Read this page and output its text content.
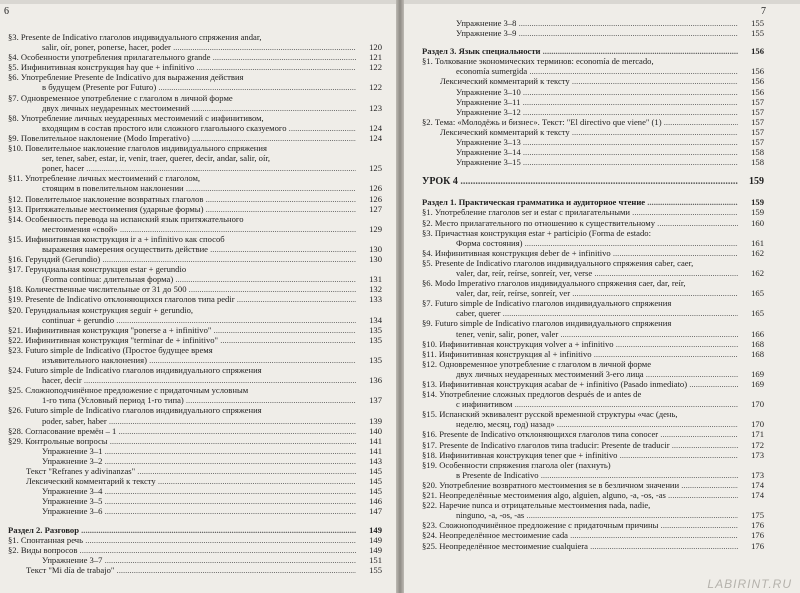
6
§3. Presente de Indicativo глаголов индивидуального спряжения andar,
salir, oír, poner, ponerse, hacer, poder .....	120
§4. Особенности употребления прилагательного grande .....	121
§5. Инфинитивная конструкция hay que + infinitivo .....	122
§6. Употребление Presente de Indicativo для выражения действия
в будущем (Presente por Futuro) .....	122
§7. Одновременное употребление с глаголом в личной форме
двух личных неударенных местоимений .....	123
§8. Употребление личных неударенных местоимений с инфинитивом,
входящим в состав простого или сложного глагольного сказуемого .....	124
§9. Повелительное наклонение (Modo Imperativo) .....	124
§10. Повелительное наклонение глаголов индивидуального спряжения
ser, tener, saber, estar, ir, venir, traer, querer, decir, andar, salir, oír,
poner, hacer .....	125
§11. Употребление личных местоимений с глаголом,
стоящим в повелительном наклонении .....	126
§12. Повелительное наклонение возвратных глаголов .....	126
§13. Притяжательные местоимения (ударные формы) .....	127
§14. Особенность перевода на испанский язык притяжательного
местоимения «свой» .....	129
§15. Инфинитивная конструкция ir a + infinitivo как способ
выражения намерения осуществить действие .....	130
§16. Герундий (Gerundio) .....	130
§17. Герундиальная конструкция estar + gerundio
(Forma continua: длительная форма) .....	131
§18. Количественные числительные от 31 до 500 .....	132
§19. Presente de Indicativo отклоняющихся глаголов типа pedir .....	133
§20. Герундиальная конструкция seguir + gerundio,
continuar + gerundio .....	134
§21. Инфинитивная конструкция "ponerse a + infinitivo" .....	135
§22. Инфинитивная конструкция "terminar de + infinitivo" .....	135
§23. Futuro simple de Indicativo (Простое будущее время
изъявительного наклонения) .....	135
§24. Futuro simple de Indicativo глаголов индивидуального спряжения
hacer, decir .....	136
§25. Сложноподчинённое предложение с придаточным условным
1-го типа (Условный период 1-го типа) .....	137
§26. Futuro simple de Indicativo глаголов индивидуального спряжения
poder, saber, haber .....	139
§28. Согласование времён – 1 .....	140
§29. Контрольные вопросы .....	141
Упражнение 3–1 .....	141
Упражнение 3–2 .....	143
Текст "Refranes y adivinanzas" .....	145
Лексический комментарий к тексту .....	145
Упражнение 3–4 .....	145
Упражнение 3–5 .....	146
Упражнение 3–6 .....	147
Раздел 2. Разговор .....	149
§1. Спонтанная речь .....	149
§2. Виды вопросов .....	149
Упражнение 3–7 .....	151
Текст "Mi día de trabajo" .....	155
7
Упражнение 3–8 .....	155
Упражнение 3–9 .....	155
Раздел 3. Язык специальности .....	156
§1. Толкование экономических терминов: economía de mercado,
economía sumergida .....	156
Лексический комментарий к тексту .....	156
Упражнение 3–10 .....	156
Упражнение 3–11 .....	157
Упражнение 3–12 .....	157
§2. Тема: «Молодёжь и бизнес». Текст: "El directivo que viene" (1) .....	157
Лексический комментарий к тексту .....	157
Упражнение 3–13 .....	157
Упражнение 3–14 .....	158
Упражнение 3–15 .....	158
УРОК 4 .....	159
Раздел 1. Практическая грамматика и аудиторное чтение .....	159
§1. Употребление глаголов ser и estar с прилагательными .....	159
§2. Место прилагательного по отношению к существительному .....	160
§3. Причастная конструкция estar + participio (Forma de estado:
Форма состояния) .....	161
§4. Инфинитивная конструкция deber de + infinitivo .....	162
§5. Presente de Indicativo глаголов индивидуального спряжения caber, caer,
valer, dar, reír, reírse, sonreír, ver, verse .....	162
§6. Modo Imperativo глаголов индивидуального спряжения caer, dar, reír,
valer, dar, reír, reírse, sonreír, ver .....	165
§7. Futuro simple de Indicativo глаголов индивидуального спряжения
caber, querer .....	165
§9. Futuro simple de Indicativo глаголов индивидуального спряжения
tener, venir, salir, poner, valer .....	166
§10. Инфинитивная конструкция volver a + infinitivo .....	168
§11. Инфинитивная конструкция al + infinitivo .....	168
§12. Одновременное употребление с глаголом в личной форме
двух личных неударенных местоимений 3-его лица .....	169
§13. Инфинитивная конструкция acabar de + infinitivo (Pasado inmediato) .....	169
§14. Употребление сложных предлогов después de и antes de
с инфинитивом .....	170
§15. Испанский эквивалент русской временной структуры «час (день,
неделю, месяц, год) назад» .....	170
§16. Presente de Indicativo отклоняющихся глаголов типа conocer .....	171
§17. Presente de Indicativo глаголов типа traducir: Presente de traducir .....	172
§18. Инфинитивная конструкция tener que + infinitivo .....	173
§19. Особенности спряжения глагола oler (пахнуть)
в Presente de Indicativo .....	173
§20. Употребление возвратного местоимения se в безличном значении .....	174
§21. Неопределённые местоимения algo, alguien, alguno, -a, -os, -as .....	174
§22. Наречие nunca и отрицательные местоимения nada, nadie,
ninguno, -a, -os, -as .....	175
§23. Сложноподчинённое предложение с придаточным причины .....	176
§24. Неопределённое местоимение cada .....	176
§25. Неопределённое местоимение cualquiera .....	176
LABIRINT.RU
